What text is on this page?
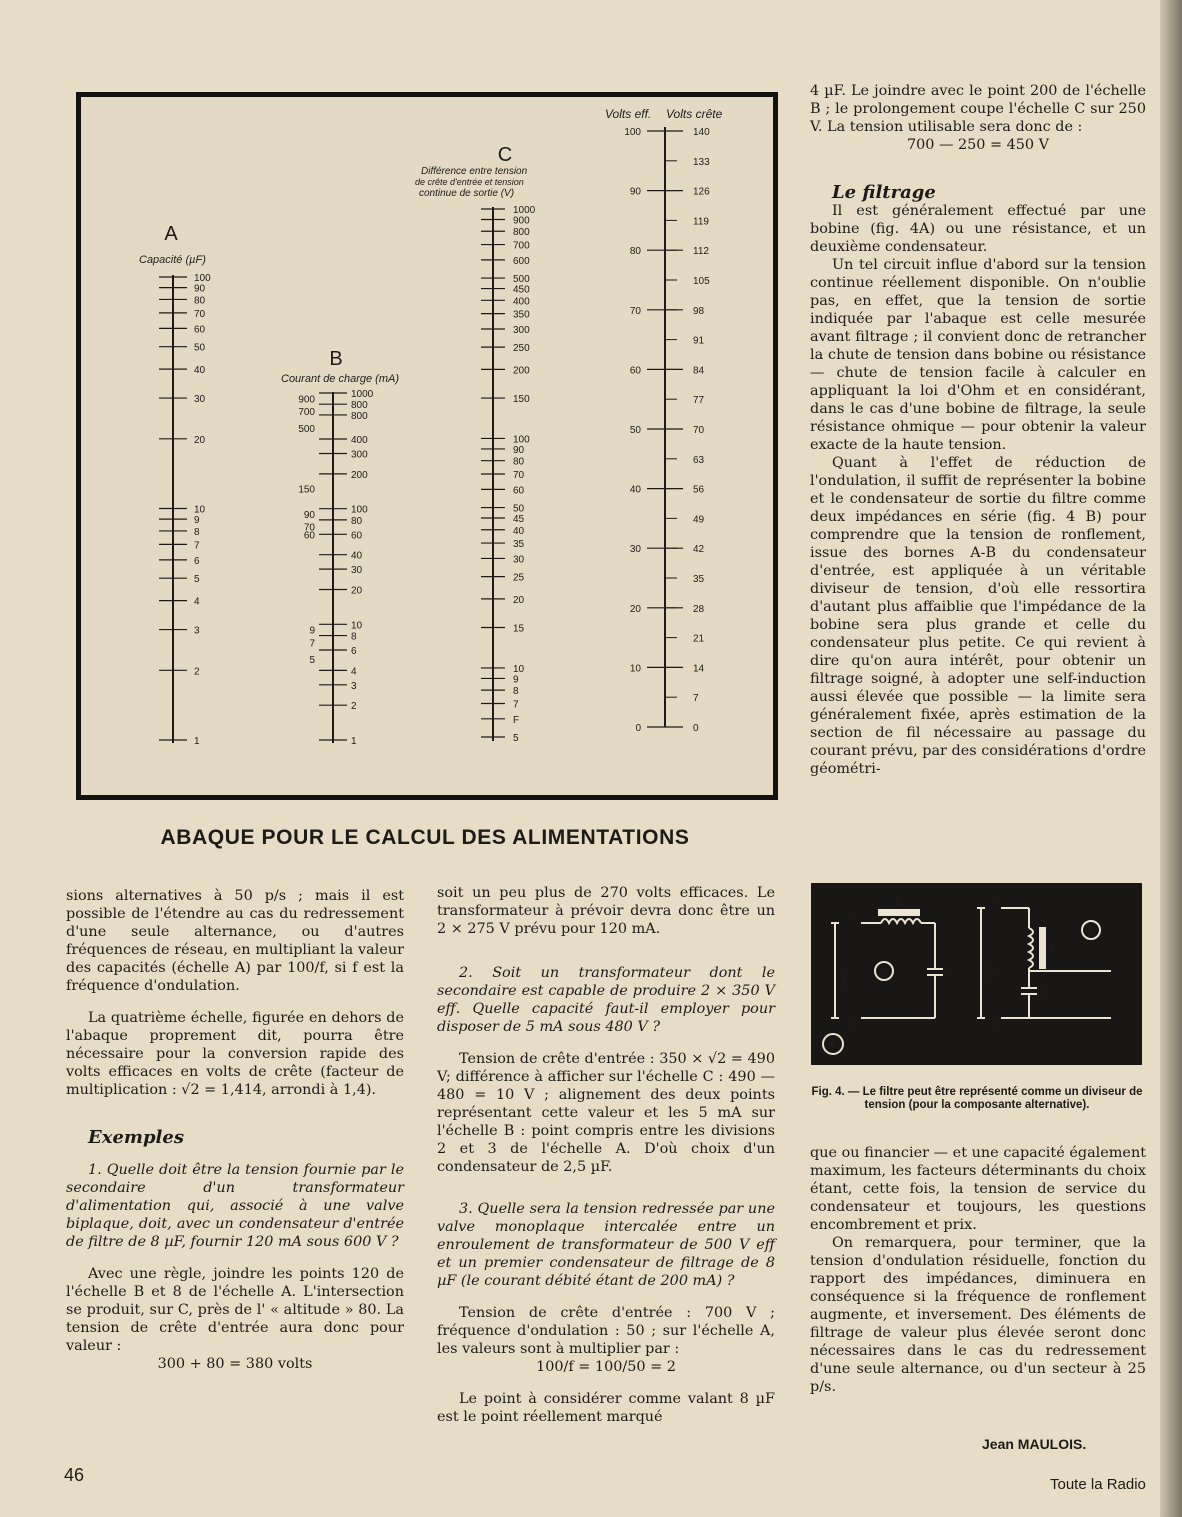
A
Capacité (µF)
100
90
80
70
60
50
40
30
20
10
9
8
7
6
5
4
3
2
1
B
Courant de charge (mA)
1000
800
800
400
300
200
100
80
60
40
30
20
10
8
6
4
3
2
1
900
700
500
150
90
70
60
9
7
5
C
Différence entre tension
de crête d'entrée et tension
continue de sortie (V)
1000
900
800
700
600
500
450
400
350
300
250
200
150
100
90
80
70
60
50
45
40
35
30
25
20
15
10
9
8
7
F
5
100
90
80
70
60
50
40
30
20
10
0
140
133
126
119
112
105
98
91
84
77
70
63
56
49
42
35
28
21
14
7
0
Volts eff. Volts crête
ABAQUE POUR LE CALCUL DES ALIMENTATIONS

sions alternatives à 50 p/s ; mais il est possible de l'étendre au cas du redressement d'une seule alternance, ou d'autres fréquences de réseau, en multipliant la valeur des capacités (échelle A) par 100/f, si f est la fréquence d'ondulation.

La quatrième échelle, figurée en dehors de l'abaque proprement dit, pourra être nécessaire pour la conversion rapide des volts efficaces en volts de crête (facteur de multiplication : √2 = 1,414, arrondi à 1,4).

Exemples

1. Quelle doit être la tension fournie par le secondaire d'un transformateur d'alimentation qui, associé à une valve biplaque, doit, avec un condensateur d'entrée de filtre de 8 µF, fournir 120 mA sous 600 V ?

Avec une règle, joindre les points 120 de l'échelle B et 8 de l'échelle A. L'intersection se produit, sur C, près de l' « altitude » 80. La tension de crête d'entrée aura donc pour valeur :

300 + 80 = 380 volts

soit un peu plus de 270 volts efficaces. Le transformateur à prévoir devra donc être un 2 × 275 V prévu pour 120 mA.

2. Soit un transformateur dont le secondaire est capable de produire 2 × 350 V eff. Quelle capacité faut-il employer pour disposer de 5 mA sous 480 V ?

Tension de crête d'entrée : 350 × √2 = 490 V; différence à afficher sur l'échelle C : 490 — 480 = 10 V ; alignement des deux points représentant cette valeur et les 5 mA sur l'échelle B : point compris entre les divisions 2 et 3 de l'échelle A. D'où choix d'un condensateur de 2,5 µF.

3. Quelle sera la tension redressée par une valve monoplaque intercalée entre un enroulement de transformateur de 500 V eff et un premier condensateur de filtrage de 8 µF (le courant débité étant de 200 mA) ?

Tension de crête d'entrée : 700 V ; fréquence d'ondulation : 50 ; sur l'échelle A, les valeurs sont à multiplier par :

100/f = 100/50 = 2

Le point à considérer comme valant 8 µF est le point réellement marqué

4 µF. Le joindre avec le point 200 de l'échelle B ; le prolongement coupe l'échelle C sur 250 V. La tension utilisable sera donc de :

700 — 250 = 450 V

Le filtrage

Il est généralement effectué par une bobine (fig. 4A) ou une résistance, et un deuxième condensateur.

Un tel circuit influe d'abord sur la tension continue réellement disponible. On n'oublie pas, en effet, que la tension de sortie indiquée par l'abaque est celle mesurée avant filtrage ; il convient donc de retrancher la chute de tension dans bobine ou résistance — chute de tension facile à calculer en appliquant la loi d'Ohm et en considérant, dans le cas d'une bobine de filtrage, la seule résistance ohmique — pour obtenir la valeur exacte de la haute tension.

Quant à l'effet de réduction de l'ondulation, il suffit de représenter la bobine et le condensateur de sortie du filtre comme deux impédances en série (fig. 4 B) pour comprendre que la tension de ronflement, issue des bornes A-B du condensateur d'entrée, est appliquée à un véritable diviseur de tension, d'où elle ressortira d'autant plus affaiblie que l'impédance de la bobine sera plus grande et celle du condensateur plus petite. Ce qui revient à dire qu'on aura intérêt, pour obtenir un filtrage soigné, à adopter une self-induction aussi élevée que possible — la limite sera généralement fixée, après estimation de la section de fil nécessaire au passage du courant prévu, par des considérations d'ordre géométri-

A
B
L
C
A
A
B
L
C
B
4
V+dv	V+dv
Fig. 4. — Le filtre peut être représenté comme un diviseur de tension (pour la composante alternative).

que ou financier — et une capacité également maximum, les facteurs déterminants du choix étant, cette fois, la tension de service du condensateur et toujours, les questions encombrement et prix.

On remarquera, pour terminer, que la tension d'ondulation résiduelle, fonction du rapport des impédances, diminuera en conséquence si la fréquence de ronflement augmente, et inversement. Des éléments de filtrage de valeur plus élevée seront donc nécessaires dans le cas du redressement d'une seule alternance, ou d'un secteur à 25 p/s.

Jean MAULOIS.
46	Toute la Radio
